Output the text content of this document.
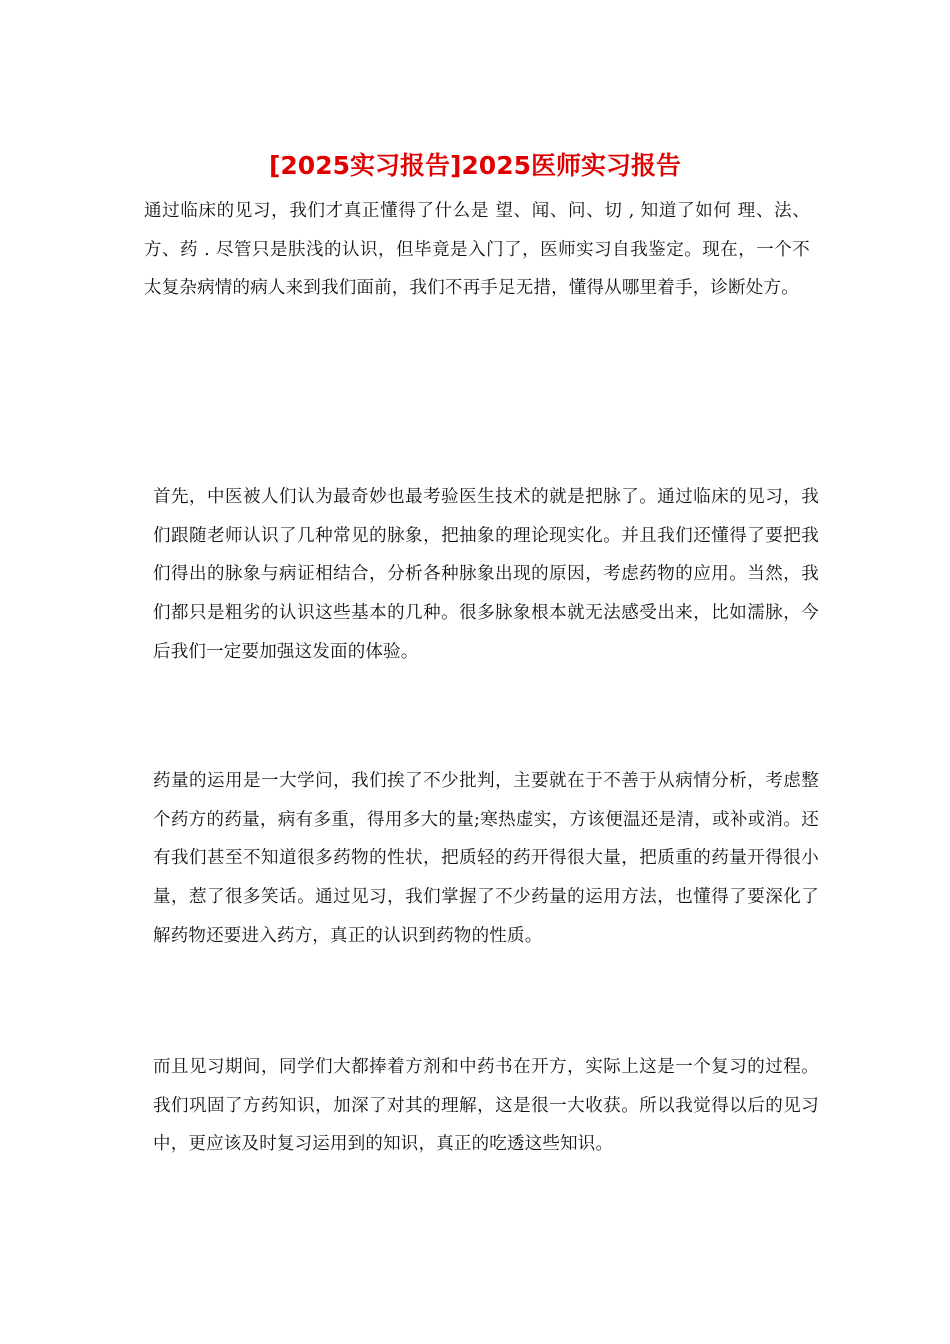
[2025实习报告]2025医师实习报告

通过临床的见习，我们才真正懂得了什么是 望、闻、问、切 , 知道了如何 理、法、方、药 . 尽管只是肤浅的认识，但毕竟是入门了，医师实习自我鉴定。现在，一个不太复杂病情的病人来到我们面前，我们不再手足无措，懂得从哪里着手，诊断处方。

首先，中医被人们认为最奇妙也最考验医生技术的就是把脉了。通过临床的见习，我们跟随老师认识了几种常见的脉象，把抽象的理论现实化。并且我们还懂得了要把我们得出的脉象与病证相结合，分析各种脉象出现的原因，考虑药物的应用。当然，我们都只是粗劣的认识这些基本的几种。很多脉象根本就无法感受出来，比如濡脉，今后我们一定要加强这发面的体验。

药量的运用是一大学问，我们挨了不少批判，主要就在于不善于从病情分析，考虑整个药方的药量，病有多重，得用多大的量;寒热虚实，方该便温还是清，或补或消。还有我们甚至不知道很多药物的性状，把质轻的药开得很大量，把质重的药量开得很小量，惹了很多笑话。通过见习，我们掌握了不少药量的运用方法，也懂得了要深化了解药物还要进入药方，真正的认识到药物的性质。

而且见习期间，同学们大都捧着方剂和中药书在开方，实际上这是一个复习的过程。我们巩固了方药知识，加深了对其的理解，这是很一大收获。所以我觉得以后的见习中，更应该及时复习运用到的知识，真正的吃透这些知识。
